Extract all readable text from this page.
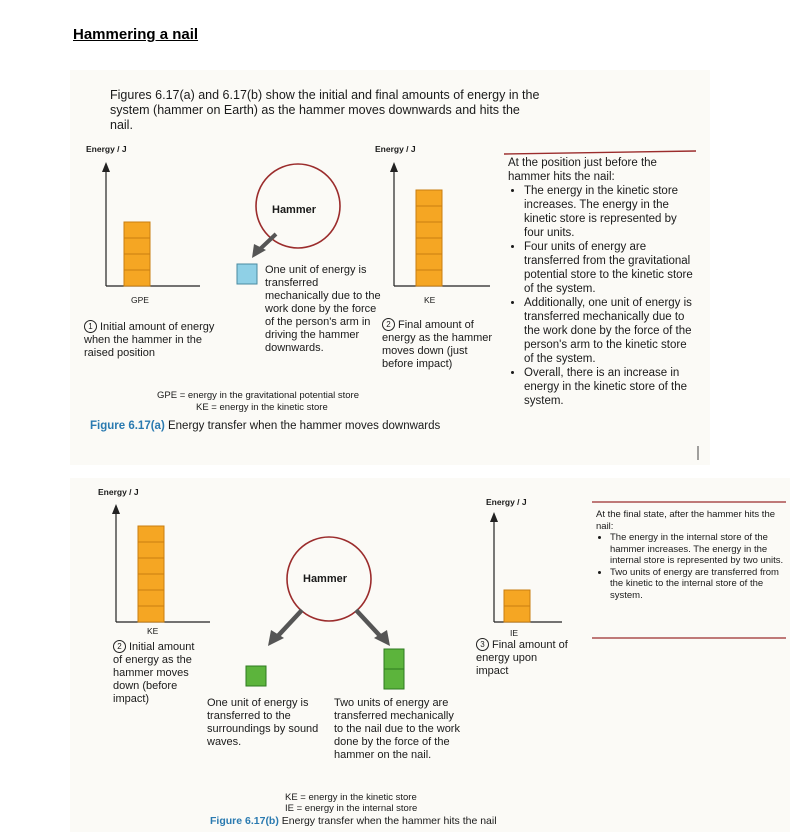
Hammering a nail
Figures 6.17(a) and 6.17(b) show the initial and final amounts of energy in the system (hammer on Earth) as the hammer moves downwards and hits the nail.
Energy / J	Energy / J
Hammer
GPE	KE
1 Initial amount of energy when the hammer in the raised position
One unit of energy is transferred mechanically due to the work done by the force of the person's arm in driving the hammer downwards.
2 Final amount of energy as the hammer moves down (just before impact)
GPE = energy in the gravitational potential store
KE = energy in the kinetic store
Figure 6.17(a) Energy transfer when the hammer moves downwards
At the position just before the hammer hits the nail:
• The energy in the kinetic store increases. The energy in the kinetic store is represented by four units.
• Four units of energy are transferred from the gravitational potential store to the kinetic store of the system.
• Additionally, one unit of energy is transferred mechanically due to the work done by the force of the person's arm to the kinetic store of the system.
• Overall, there is an increase in energy in the kinetic store of the system.
Energy / J
Energy / J
Hammer
KE	IE
2 Initial amount of energy as the hammer moves down (before impact)
3 Final amount of energy upon impact
One unit of energy is transferred to the surroundings by sound waves.
Two units of energy are transferred mechanically to the nail due to the work done by the force of the hammer on the nail.
KE = energy in the kinetic store
IE = energy in the internal store
Figure 6.17(b) Energy transfer when the hammer hits the nail
At the final state, after the hammer hits the nail:
• The energy in the internal store of the hammer increases. The energy in the internal store is represented by two units.
• Two units of energy are transferred from the kinetic to the internal store of the system.
